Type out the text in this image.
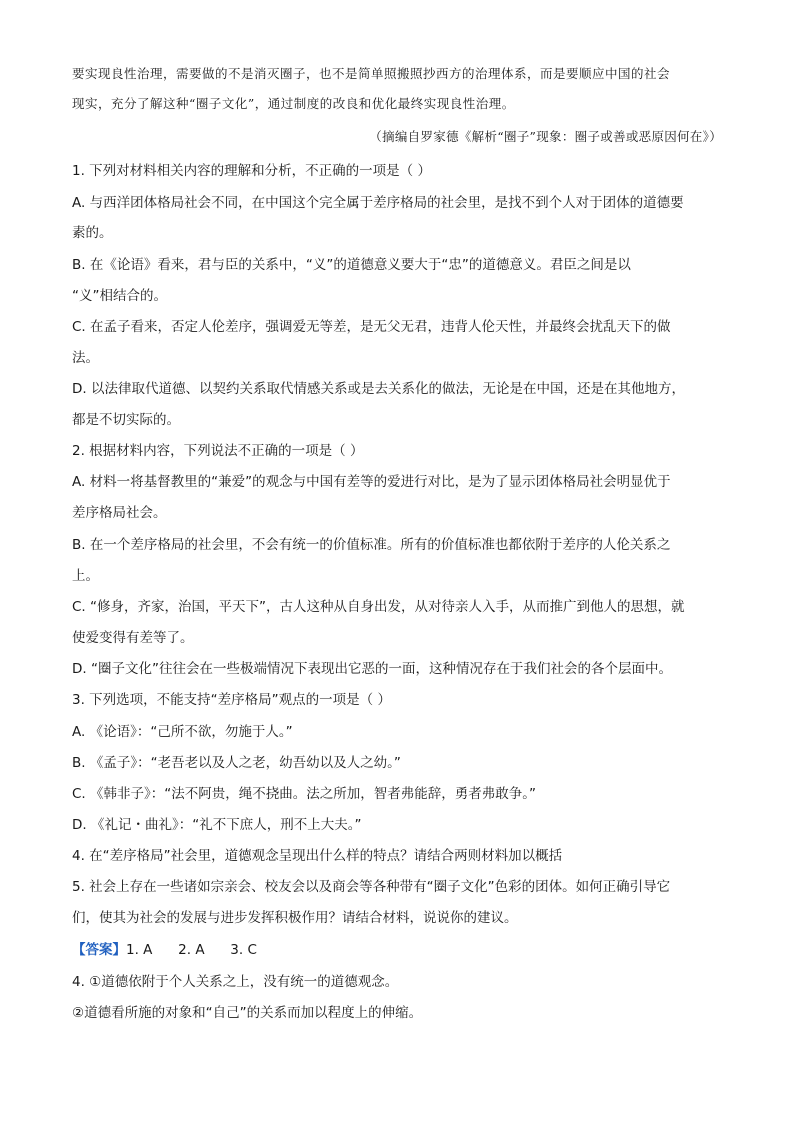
要实现良性治理，需要做的不是消灭圈子，也不是简单照搬照抄西方的治理体系，而是要顺应中国的社会
现实，充分了解这种“圈子文化”，通过制度的改良和优化最终实现良性治理。
（摘编自罗家德《解析“圈子”现象：圈子或善或恶原因何在》）
1. 下列对材料相关内容的理解和分析，不正确的一项是（ ）
A. 与西洋团体格局社会不同，在中国这个完全属于差序格局的社会里，是找不到个人对于团体的道德要
素的。
B. 在《论语》看来，君与臣的关系中，“义”的道德意义要大于“忠”的道德意义。君臣之间是以
“义”相结合的。
C. 在孟子看来，否定人伦差序，强调爱无等差，是无父无君，违背人伦天性，并最终会扰乱天下的做
法。
D. 以法律取代道德、以契约关系取代情感关系或是去关系化的做法，无论是在中国，还是在其他地方，
都是不切实际的。
2. 根据材料内容，下列说法不正确的一项是（ ）
A. 材料一将基督教里的“兼爱”的观念与中国有差等的爱进行对比，是为了显示团体格局社会明显优于
差序格局社会。
B. 在一个差序格局的社会里，不会有统一的价值标准。所有的价值标准也都依附于差序的人伦关系之
上。
C. “修身，齐家，治国，平天下”，古人这种从自身出发，从对待亲人入手，从而推广到他人的思想，就
使爱变得有差等了。
D. “圈子文化”往往会在一些极端情况下表现出它恶的一面，这种情况存在于我们社会的各个层面中。
3. 下列选项，不能支持“差序格局”观点的一项是（ ）
A. 《论语》：“己所不欲，勿施于人。”
B. 《孟子》：“老吾老以及人之老，幼吾幼以及人之幼。”
C. 《韩非子》：“法不阿贵，绳不挠曲。法之所加，智者弗能辞，勇者弗敢争。”
D. 《礼记・曲礼》：“礼不下庶人，刑不上大夫。”
4. 在“差序格局”社会里，道德观念呈现出什么样的特点？请结合两则材料加以概括
5. 社会上存在一些诸如宗亲会、校友会以及商会等各种带有“圈子文化”色彩的团体。如何正确引导它
们，使其为社会的发展与进步发挥积极作用？请结合材料，说说你的建议。
【答案】1. A      2. A      3. C
4. ①道德依附于个人关系之上，没有统一的道德观念。
②道德看所施的对象和“自己”的关系而加以程度上的伸缩。
